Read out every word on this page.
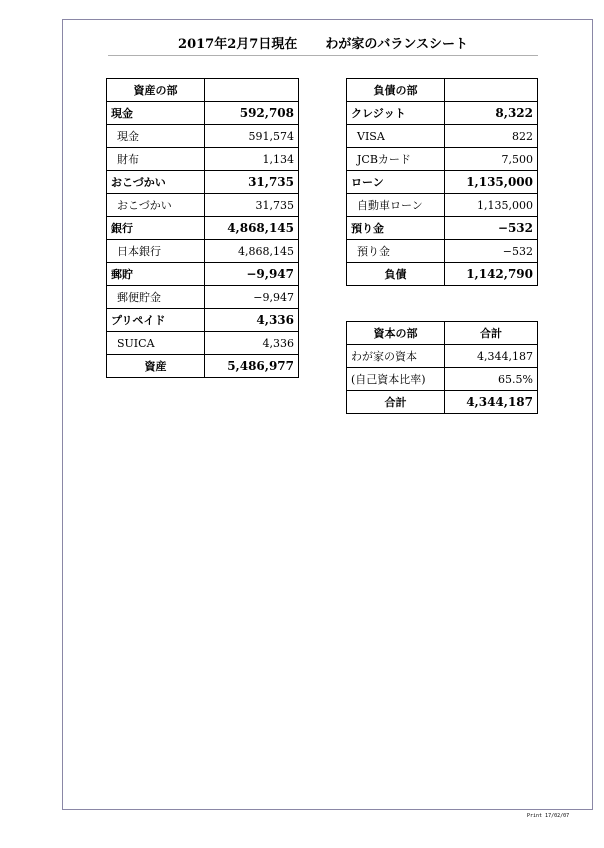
2017年2月7日現在 わが家のバランスシート
資産の部	
現金	592,708
現金	591,574
財布	1,134
おこづかい	31,735
おこづかい	31,735
銀行	4,868,145
日本銀行	4,868,145
郵貯	−9,947
郵便貯金	−9,947
プリペイド	4,336
SUICA	4,336
資産	5,486,977
負債の部	
クレジット	8,322
VISA	822
JCBカード	7,500
ローン	1,135,000
自動車ローン	1,135,000
預り金	−532
預り金	−532
負債	1,142,790
資本の部	合計
わが家の資本	4,344,187
(自己資本比率)	65.5%
合計	4,344,187
Print 17/02/07
